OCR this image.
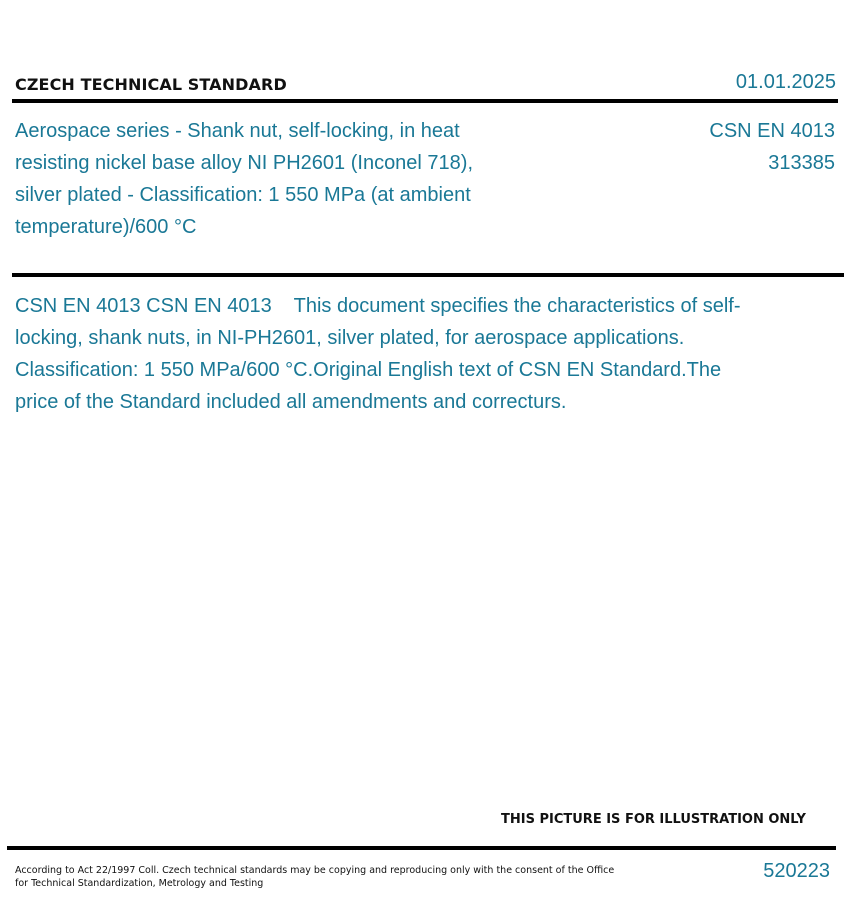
CZECH TECHNICAL STANDARD	01.01.2025
Aerospace series - Shank nut, self-locking, in heat resisting nickel base alloy NI PH2601 (Inconel 718), silver plated - Classification: 1 550 MPa (at ambient temperature)/600 °C
CSN EN 4013
313385
CSN EN 4013 CSN EN 4013    This document specifies the characteristics of self-locking, shank nuts, in NI-PH2601, silver plated, for aerospace applications.   Classification: 1 550 MPa/600 °C.Original English text of CSN EN Standard.The price of the Standard included all amendments and correcturs.
THIS PICTURE IS FOR ILLUSTRATION ONLY
According to Act 22/1997 Coll. Czech technical standards may be copying and reproducing only with the consent of the Office
for Technical Standardization, Metrology and Testing
520223
